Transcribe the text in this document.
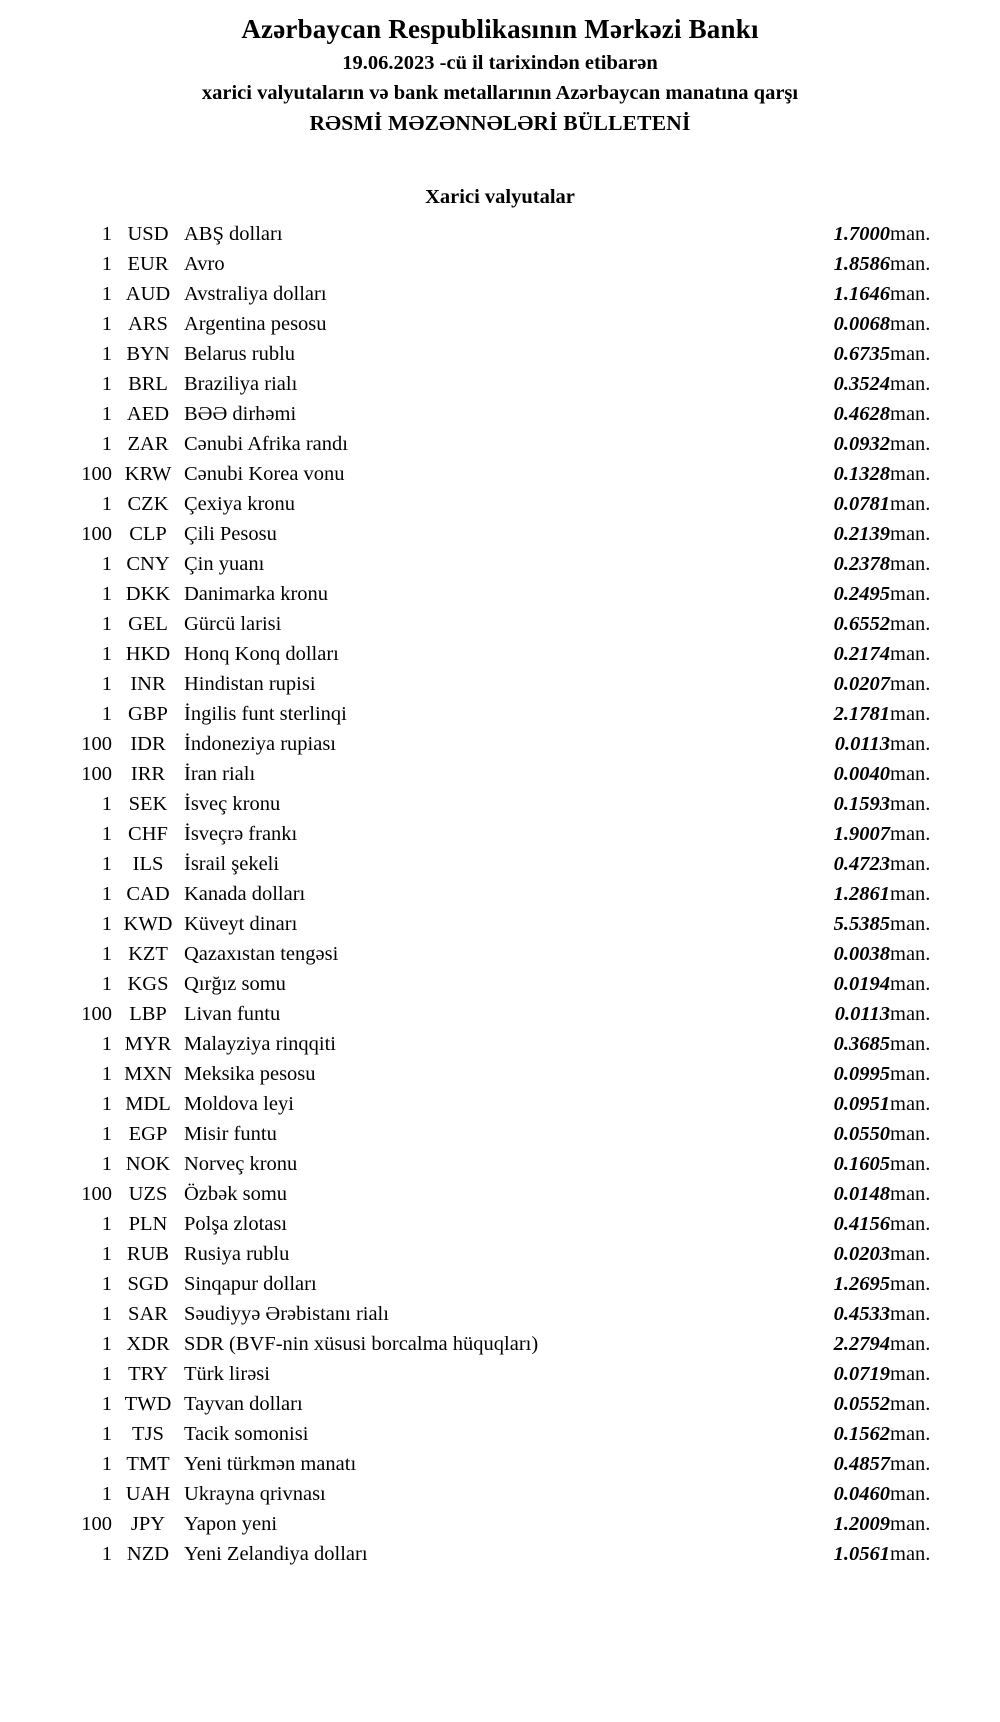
Azərbaycan Respublikasının Mərkəzi Bankı
19.06.2023 -cü il tarixindən etibarən
xarici valyutaların və bank metallarının Azərbaycan manatına qarşı
RƏSMİ MƏZƏNNƏLƏRİ BÜLLETENİ
Xarici valyutalar
1	USD	ABŞ dolları	1.7000	man.
1	EUR	Avro	1.8586	man.
1	AUD	Avstraliya dolları	1.1646	man.
1	ARS	Argentina pesosu	0.0068	man.
1	BYN	Belarus rublu	0.6735	man.
1	BRL	Braziliya rialı	0.3524	man.
1	AED	BƏƏ dirhəmi	0.4628	man.
1	ZAR	Cənubi Afrika randı	0.0932	man.
100	KRW	Cənubi Korea vonu	0.1328	man.
1	CZK	Çexiya kronu	0.0781	man.
100	CLP	Çili Pesosu	0.2139	man.
1	CNY	Çin yuanı	0.2378	man.
1	DKK	Danimarka kronu	0.2495	man.
1	GEL	Gürcü larisi	0.6552	man.
1	HKD	Honq Konq dolları	0.2174	man.
1	INR	Hindistan rupisi	0.0207	man.
1	GBP	İngilis funt sterlinqi	2.1781	man.
100	IDR	İndoneziya rupiası	0.0113	man.
100	IRR	İran rialı	0.0040	man.
1	SEK	İsveç kronu	0.1593	man.
1	CHF	İsveçrə frankı	1.9007	man.
1	ILS	İsrail şekeli	0.4723	man.
1	CAD	Kanada dolları	1.2861	man.
1	KWD	Küveyt dinarı	5.5385	man.
1	KZT	Qazaxıstan tengəsi	0.0038	man.
1	KGS	Qırğız somu	0.0194	man.
100	LBP	Livan funtu	0.0113	man.
1	MYR	Malayziya rinqqiti	0.3685	man.
1	MXN	Meksika pesosu	0.0995	man.
1	MDL	Moldova leyi	0.0951	man.
1	EGP	Misir funtu	0.0550	man.
1	NOK	Norveç kronu	0.1605	man.
100	UZS	Özbək somu	0.0148	man.
1	PLN	Polşa zlotası	0.4156	man.
1	RUB	Rusiya rublu	0.0203	man.
1	SGD	Sinqapur dolları	1.2695	man.
1	SAR	Səudiyyə Ərəbistanı rialı	0.4533	man.
1	XDR	SDR (BVF-nin xüsusi borcalma hüquqları)	2.2794	man.
1	TRY	Türk lirəsi	0.0719	man.
1	TWD	Tayvan dolları	0.0552	man.
1	TJS	Tacik somonisi	0.1562	man.
1	TMT	Yeni türkmən manatı	0.4857	man.
1	UAH	Ukrayna qrivnası	0.0460	man.
100	JPY	Yapon yeni	1.2009	man.
1	NZD	Yeni Zelandiya dolları	1.0561	man.
